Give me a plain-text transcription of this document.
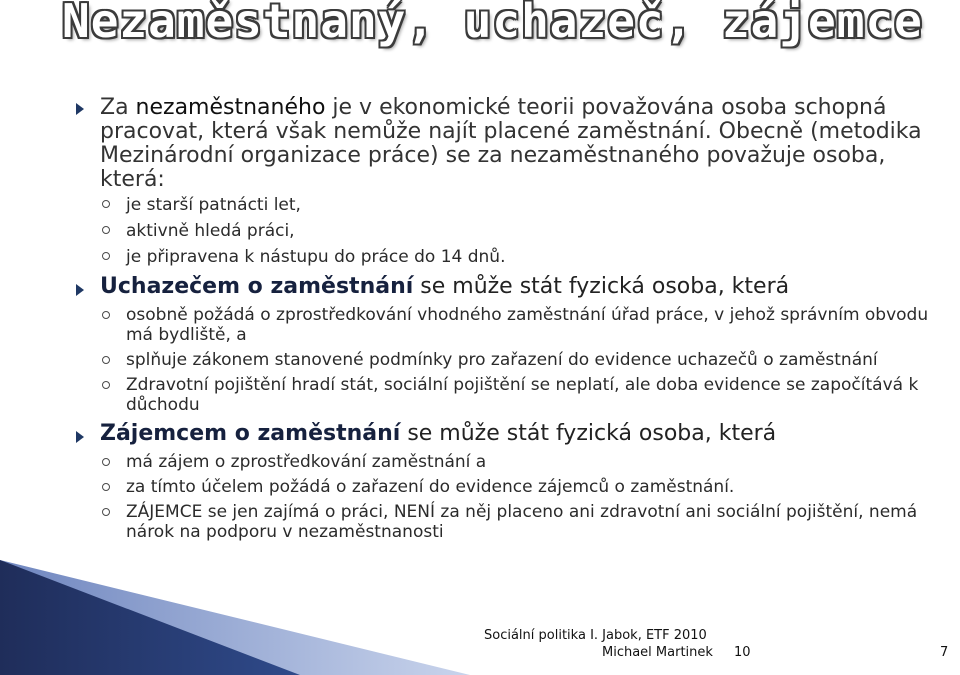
Nezaměstnaný, uchazeč, zájemce
Za nezaměstnaného je v ekonomické teorii považována osoba schopná pracovat, která však nemůže najít placené zaměstnání. Obecně (metodika Mezinárodní organizace práce) se za nezaměstnaného považuje osoba, která:
je starší patnácti let,
aktivně hledá práci,
je připravena k nástupu do práce do 14 dnů.
Uchazečem o zaměstnání se může stát fyzická osoba, která
osobně požádá o zprostředkování vhodného zaměstnání úřad práce, v jehož správním obvodu má bydliště, a
splňuje zákonem stanovené podmínky pro zařazení do evidence uchazečů o zaměstnání
Zdravotní pojištění hradí stát, sociální pojištění se neplatí, ale doba evidence se započítává k důchodu
Zájemcem o zaměstnání se může stát fyzická osoba, která
má zájem o zprostředkování zaměstnání a
za tímto účelem požádá o zařazení do evidence zájemců o zaměstnání.
ZÁJEMCE se jen zajímá o práci, NENÍ za něj placeno ani zdravotní ani sociální pojištění, nemá nárok na podporu v nezaměstnanosti
Sociální politika I. Jabok, ETF 2010
Michael Martinek 10	7
